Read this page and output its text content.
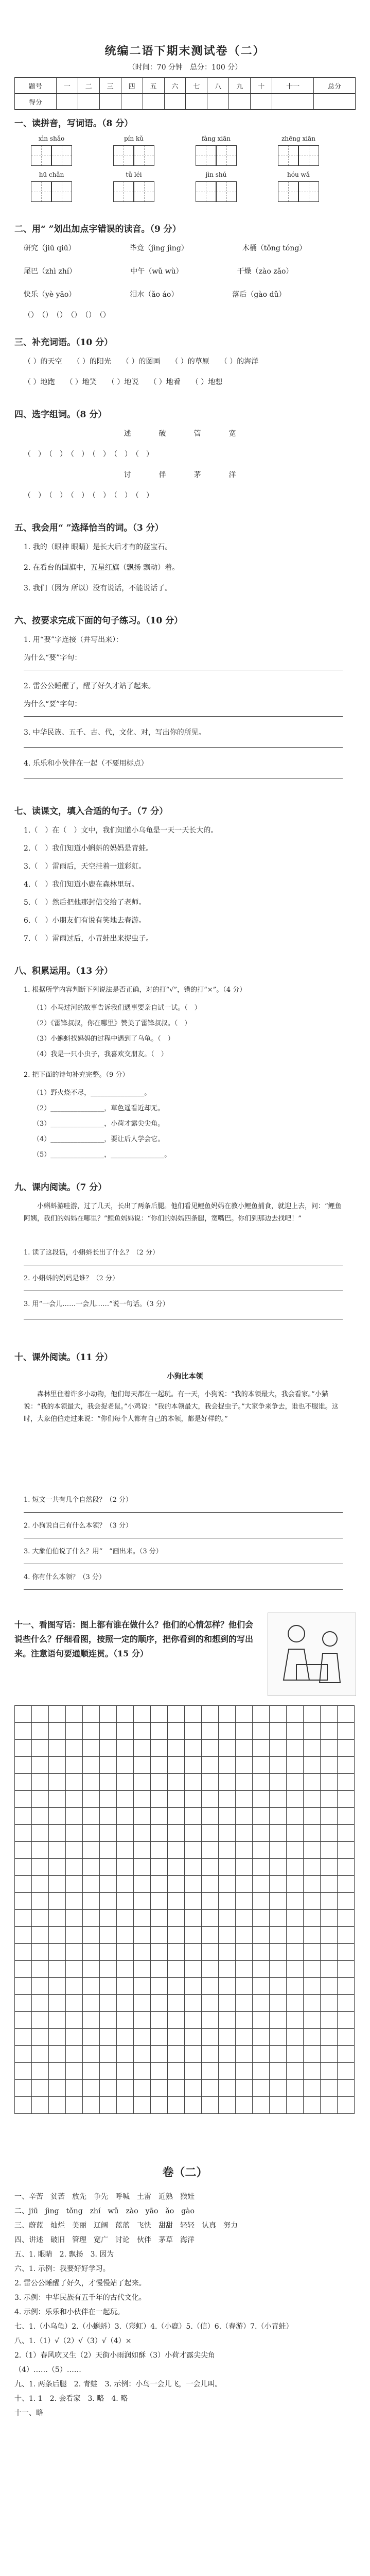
统编二语下期末测试卷（二）
（时间：70 分钟　总分：100 分）
题号	一	二	三	四	五	六	七	八	九	十	十一	总分
得分												
一、读拼音，写词语。（8 分）
xìn shǎo	pín kǔ	fàng xiān	zhēng xiān
hū chǎn	tǔ léi	jìn shú	hóu wǎ
二、用“ ”划出加点字错误的读音。（9 分）
研究（jiū qiū）　　　　　　　　毕竟（jìng jìng）　　　　　　　　木桶（tǒng tóng）
尾巴（zhì zhí）　　　　　　　　中午（wǔ wù）　　　　　　　　干燥（zào zǎo）
快乐（yè yāo）　　　　　　　　泪水（ǎo áo）　　　　　　　　落后（gào dǔ）
（）　（）　（）　（）　（）　（）
三、补充词语。（10 分）
（ ）的天空　　（ ）的阳光　　（ ）的图画　　（ ）的草原　　（ ）的海洋
（ ）地跑　　（ ）地笑　　（ ）地说　　（ ）地看　　（ ）地想
四、选字组词。（8 分）
述　破　管　宽
（　）　（　）　（　）　（　）　（　）　（　）
讨　伴　茅　洋
（　）　（　）　（　）　（　）　（　）　（　）
五、我会用“ ”选择恰当的词。（3 分）
1. 我的（眼神 眼睛）是长大后才有的蓝宝石。
2. 在看台的国旗中，五星红旗（飘扬 飘动）着。
3. 我们（因为 所以）没有说话，不能说话了。
六、按要求完成下面的句子练习。（10 分）
1. 用“要”字连接（并写出来）：
为什么“要”字句：
2. 雷公公睡醒了，醒了好久才站了起来。
为什么“要”字句：
3. 中华民族、五千、古、代，文化、对，写出你的所见。
4. 乐乐和小伙伴在一起（不要用标点）
七、读课文，填入合适的句子。（7 分）
1.（　）在（　）文中，我们知道小乌龟是一天一天长大的。
2.（　）我们知道小蝌蚪的妈妈是青蛙。
3.（　）雷雨后，天空挂着一道彩虹。
4.（　）我们知道小鹿在森林里玩。
5.（　）然后把他那封信交给了老师。
6.（　）小朋友们有说有笑地去春游。
7.（　）雷雨过后，小青蛙出来捉虫子。
八、积累运用。（13 分）
1. 根据所学内容判断下列说法是否正确，对的打“√”，错的打“×”。（4 分）
（1）小马过河的故事告诉我们遇事要亲自试一试。（　）
（2）《雷锋叔叔，你在哪里》赞美了雷锋叔叔。（　）
（3）小蝌蚪找妈妈的过程中遇到了乌龟。（　）
（4）我是一只小虫子，我喜欢交朋友。（　）
2. 把下面的诗句补充完整。（9 分）
（1）野火烧不尽，________________。
（2）________________，草色遥看近却无。
（3）________________，小荷才露尖尖角。
（4）________________，要让后人学会它。
（5）________________，________________。
九、课内阅读。（7 分）
　　小蝌蚪游哇游，过了几天，长出了两条后腿。他们看见鲤鱼妈妈在教小鲤鱼捕食，就迎上去，问：“鲤鱼阿姨，我们的妈妈在哪里？”鲤鱼妈妈说：“你们的妈妈四条腿，宽嘴巴。你们到那边去找吧！”
1. 读了这段话，小蝌蚪长出了什么？（2 分）
2. 小蝌蚪的妈妈是谁？（2 分）
3. 用“一会儿……一会儿……”说一句话。（3 分）
十、课外阅读。（11 分）
小狗比本领
　　森林里住着许多小动物，他们每天都在一起玩。有一天，小狗说：“我的本领最大，我会看家。”小猫说：“我的本领最大，我会捉老鼠。”小鸡说：“我的本领最大，我会捉虫子。”大家争来争去，谁也不服谁。这时，大象伯伯走过来说：“你们每个人都有自己的本领，都是好样的。”
1. 短文一共有几个自然段？（2 分）
2. 小狗说自己有什么本领？（3 分）
3. 大象伯伯说了什么？用“　”画出来。（3 分）
4. 你有什么本领？（3 分）
十一、看图写话：图上都有谁在做什么？他们的心情怎样？他们会说些什么？仔细看图，按照一定的顺序，把你看到的和想到的写出来。注意语句要通顺连贯。（15 分）

卷（二）
一、辛苦　贫苦　放先　争先　呼喊　土雷　近熟　猴娃
二、jiū　jìng　tǒng　zhí　wǔ　zào　yāo　ǎo　gào
三、蔚蓝　灿烂　美丽　辽阔　蓝蓝　飞快　甜甜　轻轻　认真　努力
四、讲述　破旧　管理　宽广　讨论　伙伴　茅草　海洋
五、1. 眼睛　2. 飘扬　3. 因为
六、1. 示例：我要好好学习。
2. 雷公公睡醒了好久，才慢慢站了起来。
3. 示例：中华民族有五千年的古代文化。
4. 示例：乐乐和小伙伴在一起玩。
七、1.（小乌龟）2.（小蝌蚪）3.（彩虹）4.（小鹿）5.（信）6.（春游）7.（小青蛙）
八、1.（1）√（2）√（3）√（4）×
2.（1）春风吹又生（2）天街小雨润如酥（3）小荷才露尖尖角
（4）……（5）……
九、1. 两条后腿　2. 青蛙　3. 示例：小鸟一会儿飞，一会儿叫。
十、1. 1　2. 会看家　3. 略　4. 略
十一、略
